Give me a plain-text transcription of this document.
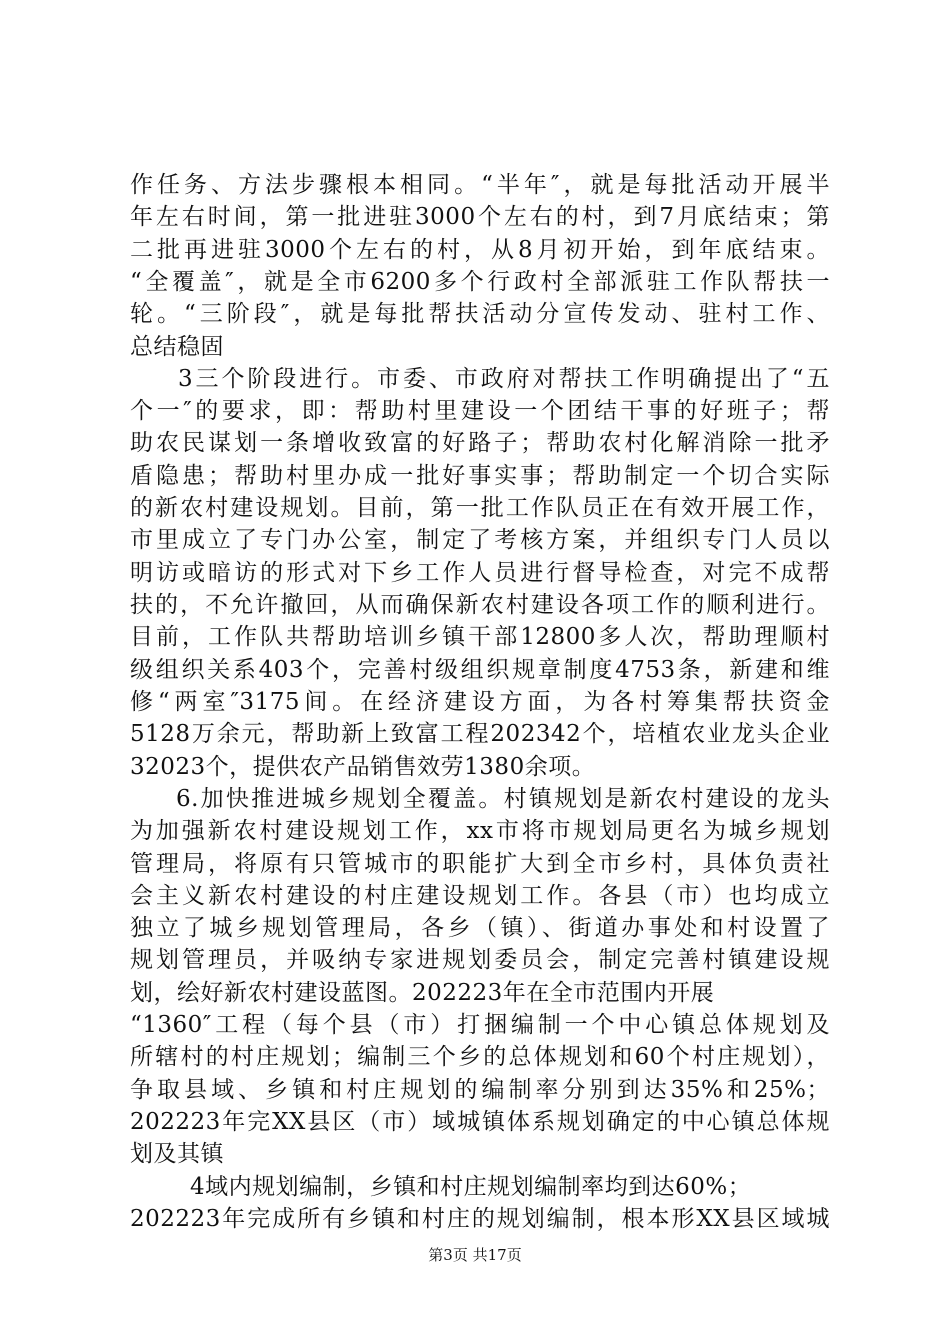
作任务、方法步骤根本相同。“半年″，就是每批活动开展半
年左右时间，第一批进驻3000个左右的村，到7月底结束；第
二批再进驻3000个左右的村，从8月初开始，到年底结束。
“全覆盖″，就是全市6200多个行政村全部派驻工作队帮扶一
轮。“三阶段″，就是每批帮扶活动分宣传发动、驻村工作、
总结稳固
3三个阶段进行。市委、市政府对帮扶工作明确提出了“五
个一″的要求，即：帮助村里建设一个团结干事的好班子；帮
助农民谋划一条增收致富的好路子；帮助农村化解消除一批矛
盾隐患；帮助村里办成一批好事实事；帮助制定一个切合实际
的新农村建设规划。目前，第一批工作队员正在有效开展工作，
市里成立了专门办公室，制定了考核方案，并组织专门人员以
明访或暗访的形式对下乡工作人员进行督导检查，对完不成帮
扶的，不允许撤回，从而确保新农村建设各项工作的顺利进行。
目前，工作队共帮助培训乡镇干部12800多人次，帮助理顺村
级组织关系403个，完善村级组织规章制度4753条，新建和维
修“两室″3175间。在经济建设方面，为各村筹集帮扶资金
5128万余元，帮助新上致富工程202342个，培植农业龙头企业
32023个，提供农产品销售效劳1380余项。
6.加快推进城乡规划全覆盖。村镇规划是新农村建设的龙头
为加强新农村建设规划工作，xx市将市规划局更名为城乡规划
管理局，将原有只管城市的职能扩大到全市乡村，具体负责社
会主义新农村建设的村庄建设规划工作。各县（市）也均成立
独立了城乡规划管理局，各乡（镇）、街道办事处和村设置了
规划管理员，并吸纳专家进规划委员会，制定完善村镇建设规
划，绘好新农村建设蓝图。202223年在全市范围内开展
“1360″工程（每个县（市）打捆编制一个中心镇总体规划及
所辖村的村庄规划；编制三个乡的总体规划和60个村庄规划），
争取县域、乡镇和村庄规划的编制率分别到达35%和25%；
202223年完XX县区（市）域城镇体系规划确定的中心镇总体规
划及其镇
4域内规划编制，乡镇和村庄规划编制率均到达60%；
202223年完成所有乡镇和村庄的规划编制，根本形XX县区域城
第3页 共17页
